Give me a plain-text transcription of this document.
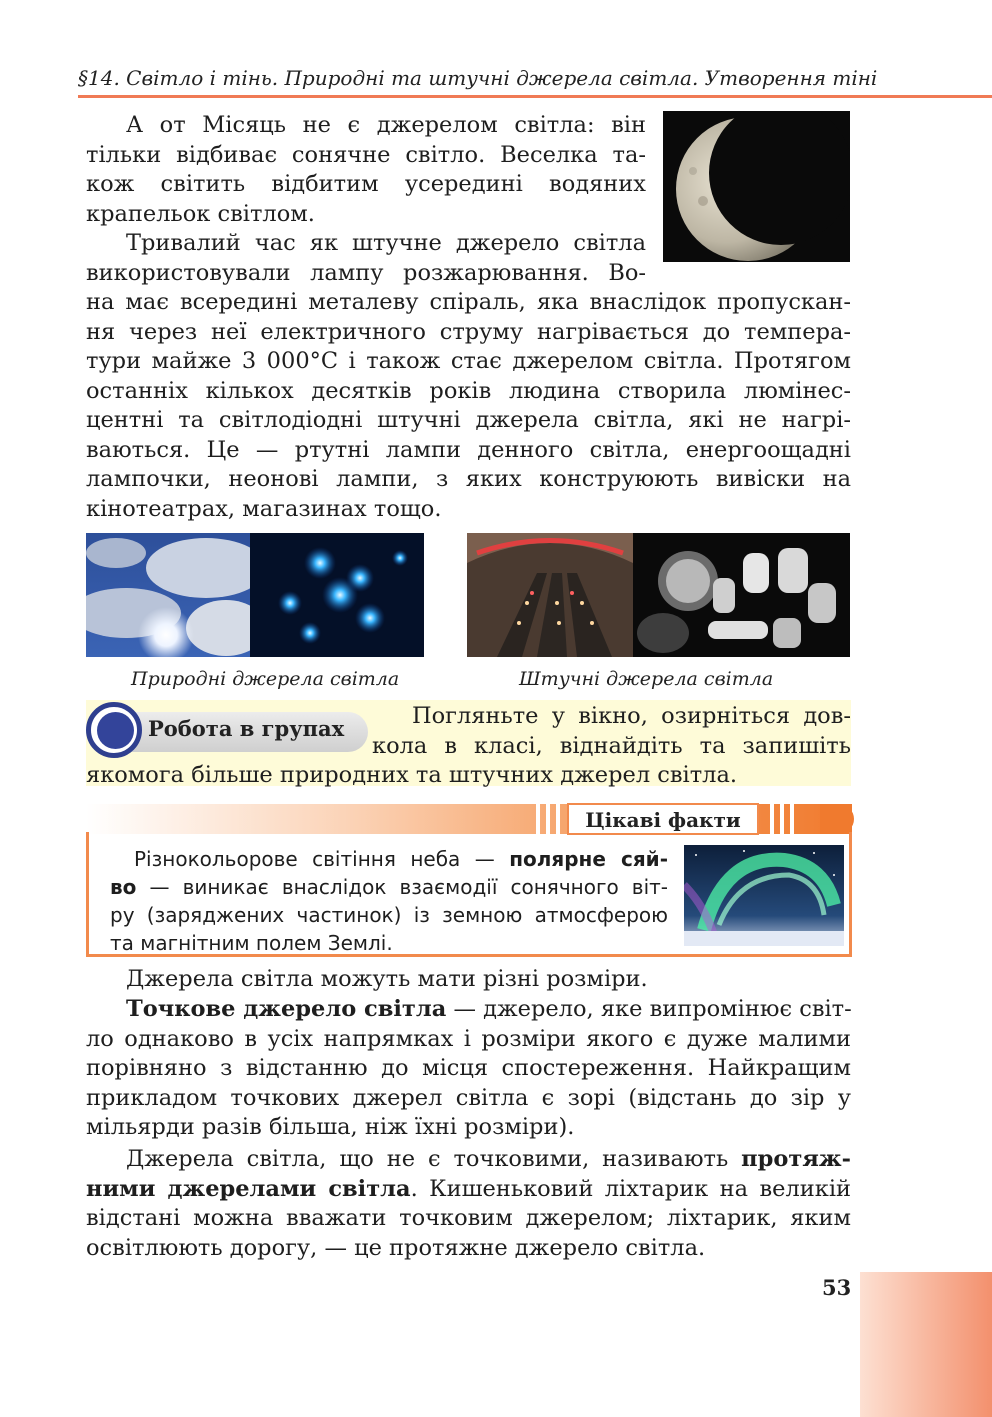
§14. Світло і тінь. Природні та штучні джерела світла. Утворення тіні
А от Місяць не є джерелом світла: він
тільки відбиває сонячне світло. Веселка та-
кож світить відбитим усередині водяних
крапельок світлом.
Тривалий час як штучне джерело світла
використовували лампу розжарювання. Во-
на має всередині металеву спіраль, яка внаслідок пропускан-
ня через неї електричного струму нагрівається до темпера-
тури майже 3 000°С і також стає джерелом світла. Протягом
останніх кількох десятків років людина створила люмінес-
центні та світлодіодні штучні джерела світла, які не нагрі-
ваються. Це — ртутні лампи денного світла, енергоощадні
лампочки, неонові лампи, з яких конструюють вивіски на
кінотеатрах, магазинах тощо.
Природні джерела світла	Штучні джерела світла
Робота в групах	Погляньте у вікно, озирніться дов-
кола в класі, віднайдіть та запишіть
якомога більше природних та штучних джерел світла.
Цікаві факти
Різнокольорове світіння неба — полярне сяй-
во — виникає внаслідок взаємодії сонячного віт-
ру (заряджених частинок) із земною атмосферою
та магнітним полем Землі.
Джерела світла можуть мати різні розміри.
Точкове джерело світла — джерело, яке випромінює світ-
ло однаково в усіх напрямках і розміри якого є дуже малими
порівняно з відстанню до місця спостереження. Найкращим
прикладом точкових джерел світла є зорі (відстань до зір у
мільярди разів більша, ніж їхні розміри).
Джерела світла, що не є точковими, називають протяж-
ними джерелами світла. Кишеньковий ліхтарик на великій
відстані можна вважати точковим джерелом; ліхтарик, яким
освітлюють дорогу, — це протяжне джерело світла.
53
